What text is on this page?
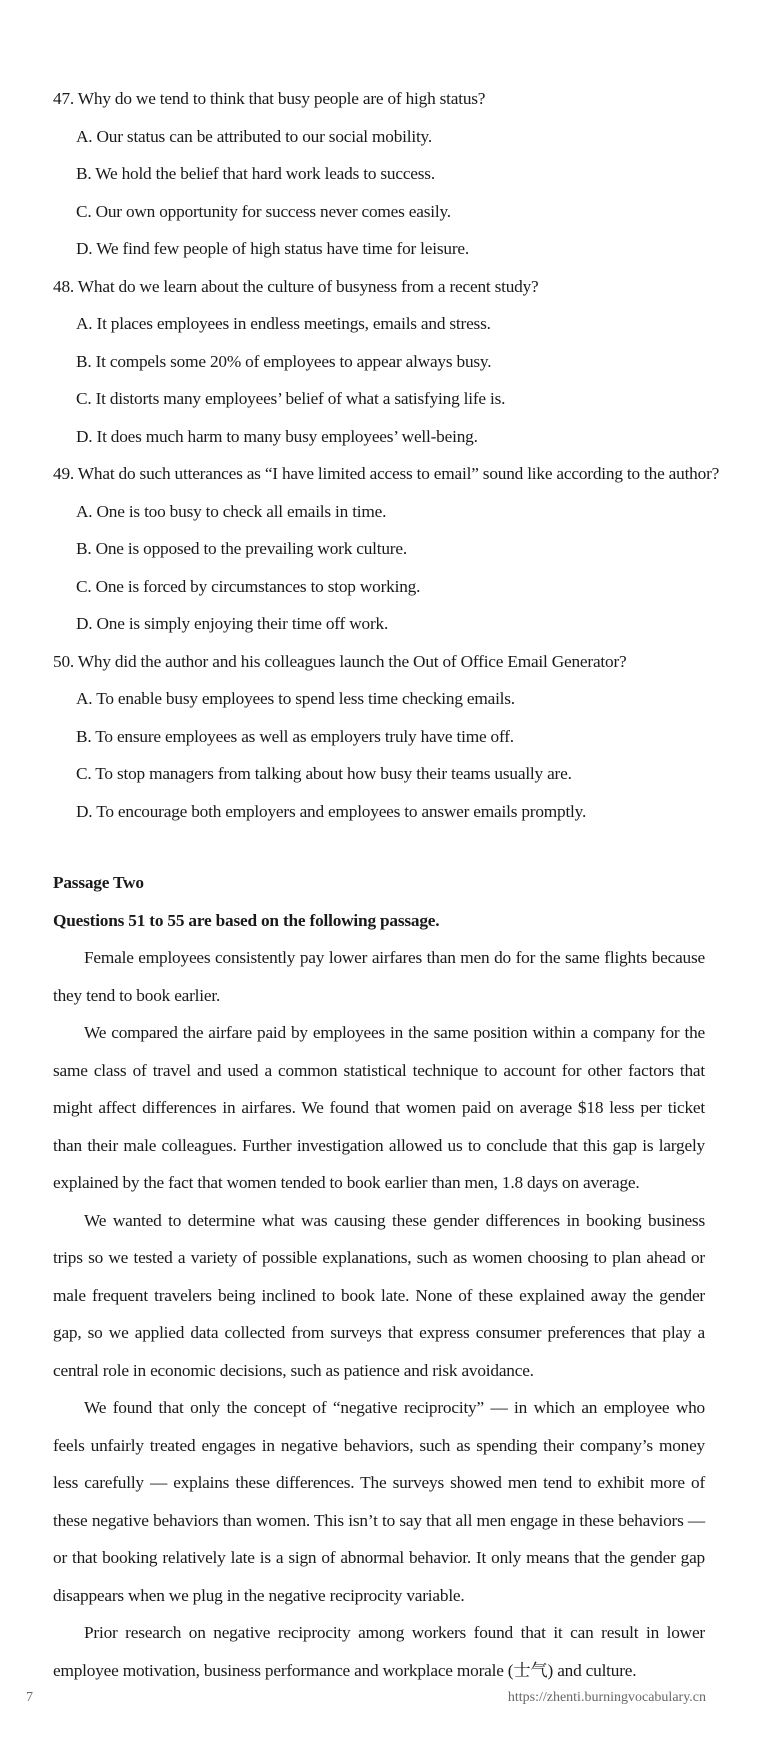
47. Why do we tend to think that busy people are of high status?
A. Our status can be attributed to our social mobility.
B. We hold the belief that hard work leads to success.
C. Our own opportunity for success never comes easily.
D. We find few people of high status have time for leisure.
48. What do we learn about the culture of busyness from a recent study?
A. It places employees in endless meetings, emails and stress.
B. It compels some 20% of employees to appear always busy.
C. It distorts many employees’ belief of what a satisfying life is.
D. It does much harm to many busy employees’ well-being.
49. What do such utterances as “I have limited access to email” sound like according to the author?
A. One is too busy to check all emails in time.
B. One is opposed to the prevailing work culture.
C. One is forced by circumstances to stop working.
D. One is simply enjoying their time off work.
50. Why did the author and his colleagues launch the Out of Office Email Generator?
A. To enable busy employees to spend less time checking emails.
B. To ensure employees as well as employers truly have time off.
C. To stop managers from talking about how busy their teams usually are.
D. To encourage both employers and employees to answer emails promptly.
Passage Two
Questions 51 to 55 are based on the following passage.

Female employees consistently pay lower airfares than men do for the same flights because they tend to book earlier.

We compared the airfare paid by employees in the same position within a company for the same class of travel and used a common statistical technique to account for other factors that might affect differences in airfares. We found that women paid on average $18 less per ticket than their male colleagues. Further investigation allowed us to conclude that this gap is largely explained by the fact that women tended to book earlier than men, 1.8 days on average.

We wanted to determine what was causing these gender differences in booking business trips so we tested a variety of possible explanations, such as women choosing to plan ahead or male frequent travelers being inclined to book late. None of these explained away the gender gap, so we applied data collected from surveys that express consumer preferences that play a central role in economic decisions, such as patience and risk avoidance.

We found that only the concept of “negative reciprocity” — in which an employee who feels unfairly treated engages in negative behaviors, such as spending their company’s money less carefully — explains these differences. The surveys showed men tend to exhibit more of these negative behaviors than women. This isn’t to say that all men engage in these behaviors — or that booking relatively late is a sign of abnormal behavior. It only means that the gender gap disappears when we plug in the negative reciprocity variable.

Prior research on negative reciprocity among workers found that it can result in lower employee motivation, business performance and workplace morale (士气) and culture.

7	https://zhenti.burningvocabulary.cn
